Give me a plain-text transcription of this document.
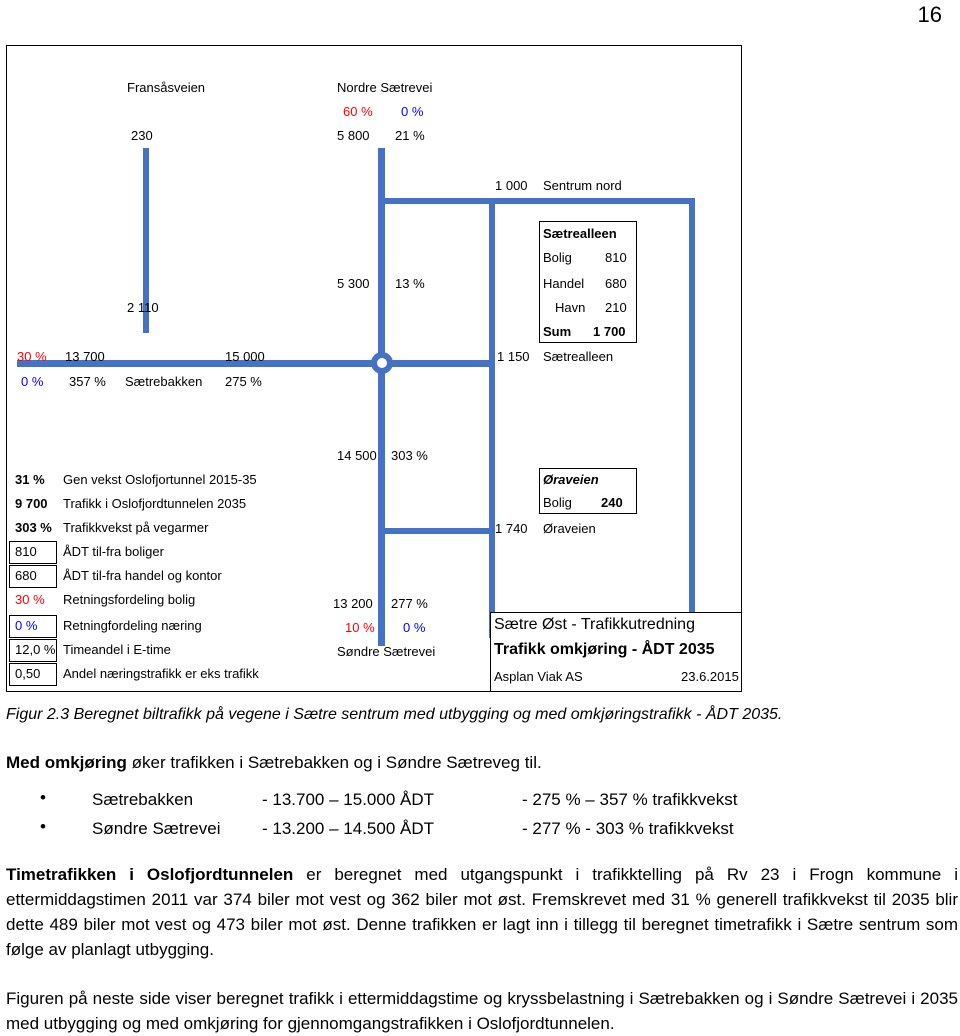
16
Fransåsveien	Nordre Sætrevei
60 % 0 %
230	5 800 21 %
1 000 Sentrum nord
5 300 13 %
2 110
30 % 13 700	15 000
0 % 357 % Sætrebakken 275 %
1 150 Sætrealleen
14 500 303 %
1 740 Øraveien
13 200 277 %
10 % 0 %
Søndre Sætrevei
Sætrealleen
Bolig	810
Handel 680
Havn 210
Sum 1 700
Øraveien
Bolig 240
31 % Gen vekst Oslofjortunnel 2015-35
9 700 Trafikk i Oslofjordtunnelen 2035
303 % Trafikkvekst på vegarmer
810 ÅDT til-fra boliger
680 ÅDT til-fra handel og kontor
30 % Retningsfordeling bolig
0 % Retningfordeling næring
12,0 % Timeandel i E-time
0,50 Andel næringstrafikk er eks trafikk
Sætre Øst - Trafikkutredning
Trafikk omkjøring - ÅDT 2035
Asplan Viak AS	23.6.2015
Figur 2.3 Beregnet biltrafikk på vegene i Sætre sentrum med utbygging og med omkjøringstrafikk - ÅDT 2035.
Med omkjøring øker trafikken i Sætrebakken og i Søndre Sætreveg til.
•	Sætrebakken	- 13.700 – 15.000 ÅDT	- 275 % – 357 % trafikkvekst
•	Søndre Sætrevei - 13.200 – 14.500 ÅDT	- 277 % - 303 % trafikkvekst
Timetrafikken i Oslofjordtunnelen er beregnet med utgangspunkt i trafikktelling på Rv 23 i Frogn kommune i ettermiddagstimen 2011 var 374 biler mot vest og 362 biler mot øst. Fremskrevet med 31 % generell trafikkvekst til 2035 blir dette 489 biler mot vest og 473 biler mot øst. Denne trafikken er lagt inn i tillegg til beregnet timetrafikk i Sætre sentrum som følge av planlagt utbygging.
Figuren på neste side viser beregnet trafikk i ettermiddagstime og kryssbelastning i Sætrebakken og i Søndre Sætrevei i 2035 med utbygging og med omkjøring for gjennomgangstrafikken i Oslofjordtunnelen.
